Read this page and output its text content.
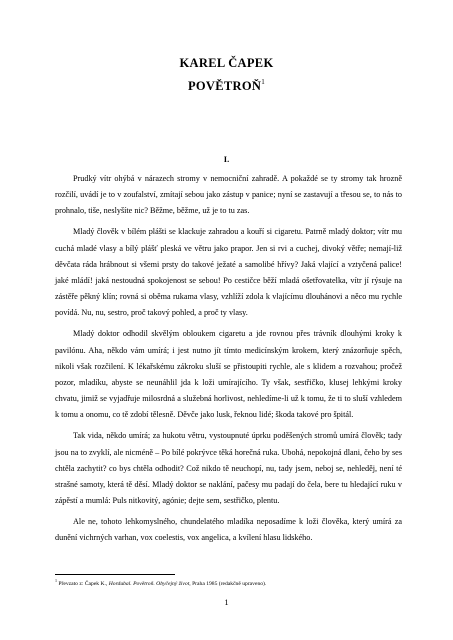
KAREL ČAPEK
POVĚTROŇ$^1$
I.

Prudký vítr ohýbá v nárazech stromy v nemocniční zahradě. A pokaždé se ty stromy tak hrozně rozčilí, uvádí je to v zoufalství, zmítají sebou jako zástup v panice; nyní se zastavují a třesou se, to nás to prohnalo, tiše, neslyšíte nic? Běžme, běžme, už je to tu zas.

Mladý člověk v bílém plášti se klackuje zahradou a kouří si cigaretu. Patrně mladý doktor; vítr mu cuchá mladé vlasy a bílý plášť pleská ve větru jako prapor. Jen si rvi a cuchej, divoký větře; nemají-liž děvčata ráda hrábnout si všemi prsty do takové ježaté a samolibé hřívy? Jaká vlající a vztyčená palice! jaké mládí! jaká nestoudná spokojenost se sebou! Po cestičce běží mladá ošetřovatelka, vítr jí rýsuje na zástěře pěkný klín; rovná si oběma rukama vlasy, vzhlíží zdola k vlajícímu dlouhánovi a něco mu rychle povídá. Nu, nu, sestro, proč takový pohled, a proč ty vlasy.

Mladý doktor odhodil skvělým obloukem cigaretu a jde rovnou přes trávník dlouhými kroky k pavilónu. Aha, někdo vám umírá; i jest nutno jít tímto medicínským krokem, který znázorňuje spěch, nikoli však rozčilení. K lékařskému zákroku sluší se přistoupiti rychle, ale s klidem a rozvahou; pročež pozor, mladíku, abyste se neunáhlil jda k loži umírajícího. Ty však, sestřičko, klusej lehkými kroky chvatu, jimiž se vyjadřuje milosrdná a služebná horlivost, nehledíme-li už k tomu, že ti to sluší vzhledem k tomu a onomu, co tě zdobí tělesně. Děvče jako lusk, řeknou lidé; škoda takové pro špitál.

Tak vida, někdo umírá; za hukotu větru, vystoupnuté úprku poděšených stromů umírá člověk; tady jsou na to zvyklí, ale nicméně – Po bílé pokrývce těká horečná ruka. Ubohá, nepokojná dlani, čeho by ses chtěla zachytit? co bys chtěla odhodit? Což nikdo tě neuchopí, nu, tady jsem, neboj se, nehleděj, není té strašné samoty, která tě děsí. Mladý doktor se naklání, pačesy mu padají do čela, bere tu hledající ruku v zápěstí a mumlá: Puls nitkovitý, agónie; dejte sem, sestřičko, plentu.

Ale ne, tohoto lehkomyslného, chundelatého mladíka neposadíme k loži člověka, který umírá za dunění vichrných varhan, vox coelestis, vox angelica, a kvílení hlasu lidského.

$^1$ Převzato z: Čapek K., Hordubal. Povětroň. Obyčejný život, Praha 1985 (redakčně upraveno).
1
